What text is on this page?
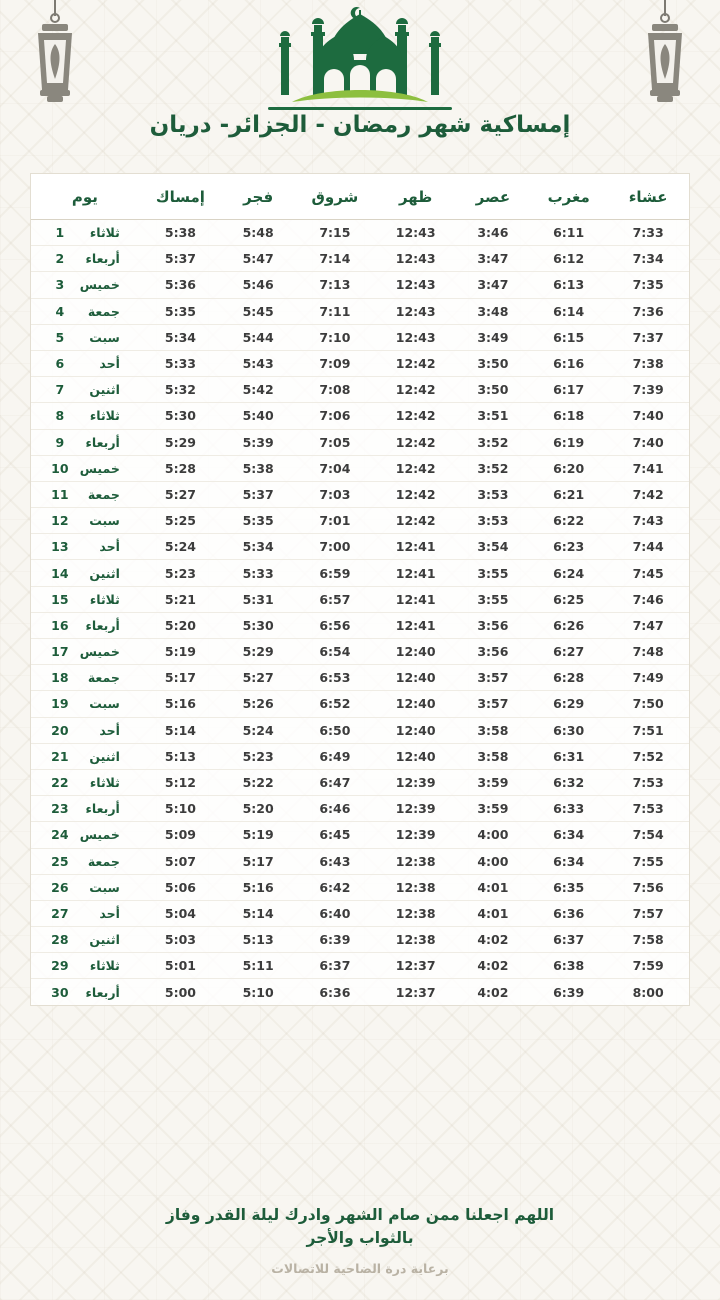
إمساكية شهر رمضان - الجزائر- دريان
عشاء	مغرب	عصر	ظهر	شروق	فجر	إمساك	يوم
7:33	6:11	3:46	12:43	7:15	5:48	5:38	ثلاثاء1
7:34	6:12	3:47	12:43	7:14	5:47	5:37	أربعاء2
7:35	6:13	3:47	12:43	7:13	5:46	5:36	خميس3
7:36	6:14	3:48	12:43	7:11	5:45	5:35	جمعة4
7:37	6:15	3:49	12:43	7:10	5:44	5:34	سبت5
7:38	6:16	3:50	12:42	7:09	5:43	5:33	أحد6
7:39	6:17	3:50	12:42	7:08	5:42	5:32	اثنين7
7:40	6:18	3:51	12:42	7:06	5:40	5:30	ثلاثاء8
7:40	6:19	3:52	12:42	7:05	5:39	5:29	أربعاء9
7:41	6:20	3:52	12:42	7:04	5:38	5:28	خميس10
7:42	6:21	3:53	12:42	7:03	5:37	5:27	جمعة11
7:43	6:22	3:53	12:42	7:01	5:35	5:25	سبت12
7:44	6:23	3:54	12:41	7:00	5:34	5:24	أحد13
7:45	6:24	3:55	12:41	6:59	5:33	5:23	اثنين14
7:46	6:25	3:55	12:41	6:57	5:31	5:21	ثلاثاء15
7:47	6:26	3:56	12:41	6:56	5:30	5:20	أربعاء16
7:48	6:27	3:56	12:40	6:54	5:29	5:19	خميس17
7:49	6:28	3:57	12:40	6:53	5:27	5:17	جمعة18
7:50	6:29	3:57	12:40	6:52	5:26	5:16	سبت19
7:51	6:30	3:58	12:40	6:50	5:24	5:14	أحد20
7:52	6:31	3:58	12:40	6:49	5:23	5:13	اثنين21
7:53	6:32	3:59	12:39	6:47	5:22	5:12	ثلاثاء22
7:53	6:33	3:59	12:39	6:46	5:20	5:10	أربعاء23
7:54	6:34	4:00	12:39	6:45	5:19	5:09	خميس24
7:55	6:34	4:00	12:38	6:43	5:17	5:07	جمعة25
7:56	6:35	4:01	12:38	6:42	5:16	5:06	سبت26
7:57	6:36	4:01	12:38	6:40	5:14	5:04	أحد27
7:58	6:37	4:02	12:38	6:39	5:13	5:03	اثنين28
7:59	6:38	4:02	12:37	6:37	5:11	5:01	ثلاثاء29
8:00	6:39	4:02	12:37	6:36	5:10	5:00	أربعاء30
اللهم اجعلنا ممن صام الشهر وادرك ليلة القدر وفاز
بالثواب والأجر
برعاية درة الضاحية للاتصالات
